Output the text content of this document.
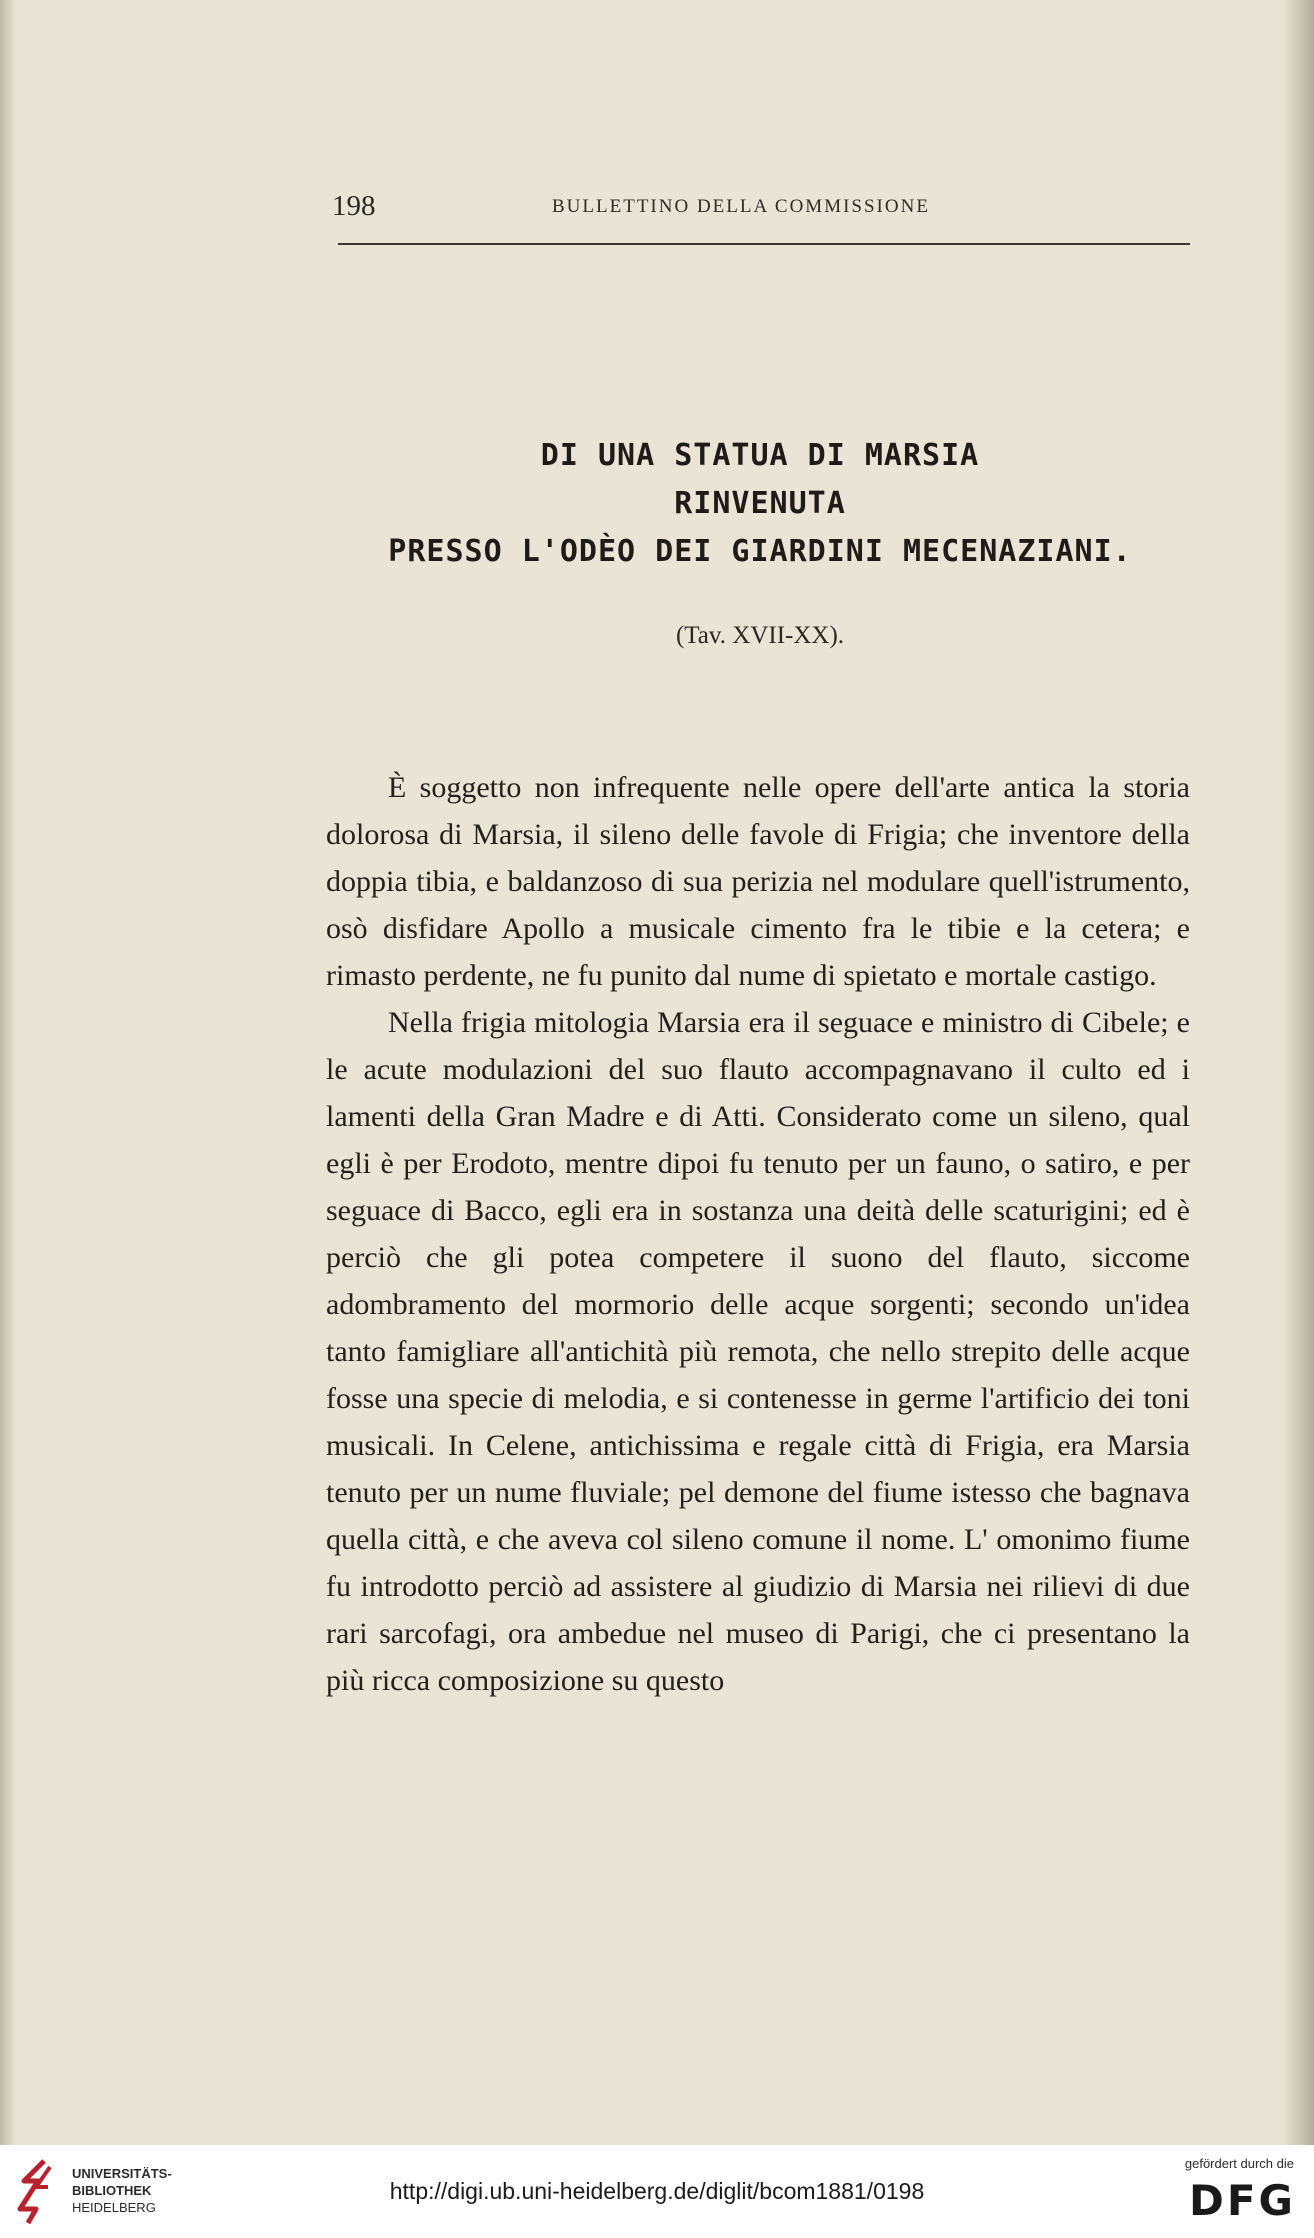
198	BULLETTINO DELLA COMMISSIONE
DI UNA STATUA DI MARSIA
RINVENUTA
PRESSO L'ODÈO DEI GIARDINI MECENAZIANI.
(Tav. XVII-XX).

È soggetto non infrequente nelle opere dell'arte antica la storia dolorosa di Marsia, il sileno delle favole di Frigia; che inventore della doppia tibia, e baldanzoso di sua perizia nel modulare quell'istrumento, osò disfidare Apollo a musicale cimento fra le tibie e la cetera; e rimasto perdente, ne fu punito dal nume di spietato e mortale castigo.

Nella frigia mitologia Marsia era il seguace e ministro di Cibele; e le acute modulazioni del suo flauto accompagnavano il culto ed i lamenti della Gran Madre e di Atti. Considerato come un sileno, qual egli è per Erodoto, mentre dipoi fu tenuto per un fauno, o satiro, e per seguace di Bacco, egli era in sostanza una deità delle scaturigini; ed è perciò che gli potea competere il suono del flauto, siccome adombramento del mormorio delle acque sorgenti; secondo un'idea tanto famigliare all'antichità più remota, che nello strepito delle acque fosse una specie di melodia, e si contenesse in germe l'artificio dei toni musicali. In Celene, antichissima e regale città di Frigia, era Marsia tenuto per un nume fluviale; pel demone del fiume istesso che bagnava quella città, e che aveva col sileno comune il nome. L' omonimo fiume fu introdotto perciò ad assistere al giudizio di Marsia nei rilievi di due rari sarcofagi, ora ambedue nel museo di Parigi, che ci presentano la più ricca composizione su questo

UNIVERSITÄTS-
BIBLIOTHEK
HEIDELBERG
http://digi.ub.uni-heidelberg.de/diglit/bcom1881/0198
gefördert durch die
DFG
